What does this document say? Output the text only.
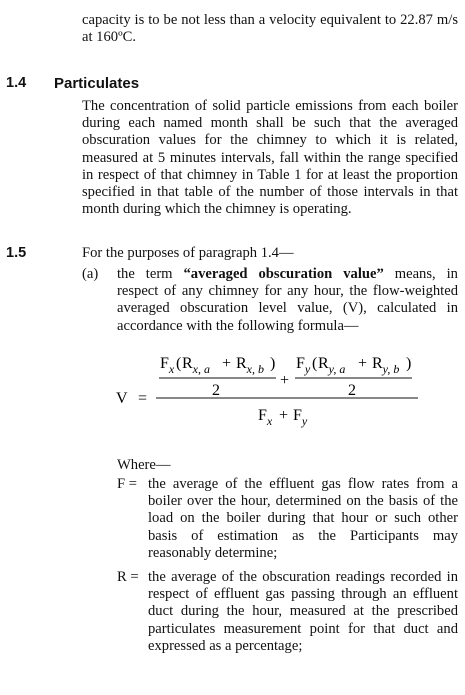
capacity is to be not less than a velocity equivalent to 22.87 m/s at 160ºC.
1.4 Particulates
The concentration of solid particle emissions from each boiler during each named month shall be such that the averaged obscuration values for the chimney to which it is related, measured at 5 minutes intervals, fall within the range specified in respect of that chimney in Table 1 for at least the proportion specified in that table of the number of those intervals in that month during which the chimney is operating.
1.5	For the purposes of paragraph 1.4—
(a) the term “averaged obscuration value” means, in respect of any chimney for any hour, the flow-weighted averaged obscuration level value, (V), calculated in accordance with the following formula—
V =
$F_x$ ( $R_{x, a} + R_{x, b}$ )
2
+
$F_y$ ( $R_{y, a} + R_{y, b}$ )
2
$F_x + F_y$
Where—
F = the average of the effluent gas flow rates from a boiler over the hour, determined on the basis of the load on the boiler during that hour or such other basis of estimation as the Participants may reasonably determine;
R = the average of the obscuration readings recorded in respect of effluent gas passing through an effluent duct during the hour, measured at the prescribed particulates measurement point for that duct and expressed as a percentage;
